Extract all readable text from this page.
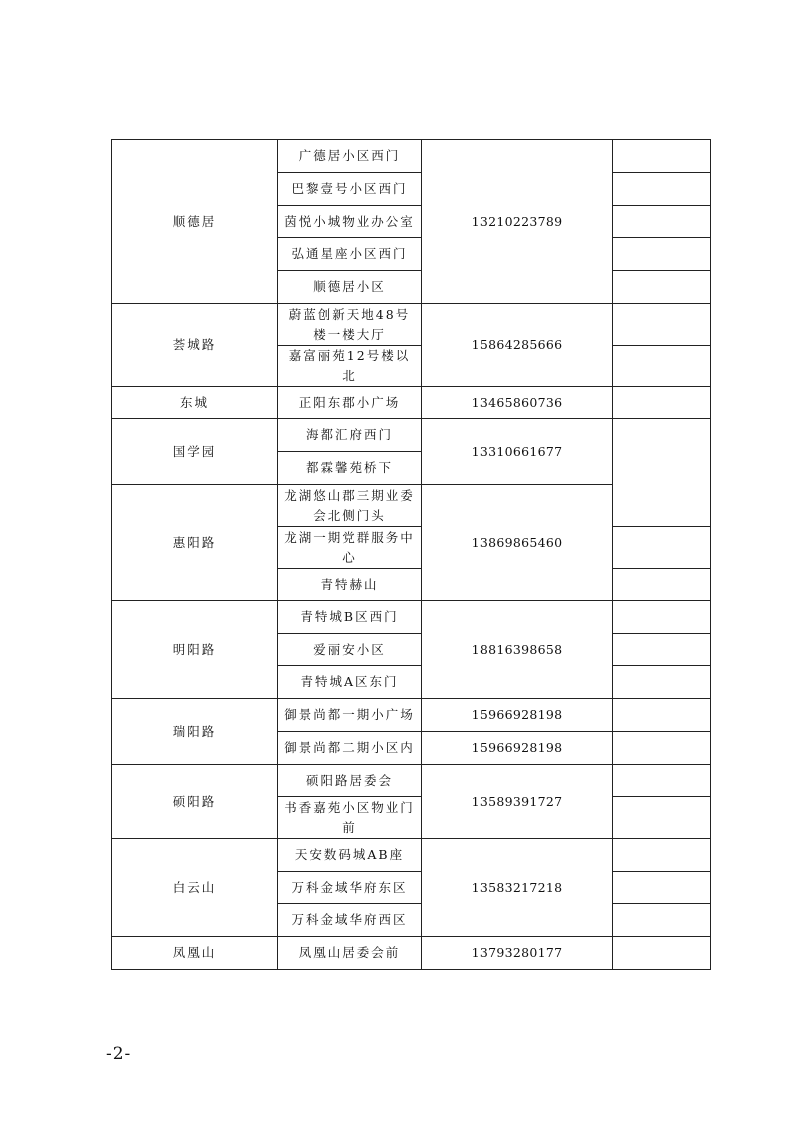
顺德居	广德居小区西门	13210223789	
	巴黎壹号小区西门		
	茵悦小城物业办公室		
	弘通星座小区西门		
	顺德居小区		
荟城路	蔚蓝创新天地48号楼一楼大厅	15864285666	
	嘉富丽苑12号楼以北		
东城	正阳东郡小广场	13465860736	
国学园	海都汇府西门	13310661677	
	都霖馨苑桥下		
惠阳路	龙湖悠山郡三期业委会北侧门头	13869865460	
	龙湖一期党群服务中心		
	青特赫山		
明阳路	青特城B区西门	18816398658	
	爱丽安小区		
	青特城A区东门		
瑞阳路	御景尚都一期小广场	15966928198	
	御景尚都二期小区内	15966928198	
硕阳路	硕阳路居委会	13589391727	
	书香嘉苑小区物业门前		
白云山	天安数码城AB座	13583217218	
	万科金域华府东区		
	万科金域华府西区		
凤凰山	凤凰山居委会前	13793280177	
-2-
